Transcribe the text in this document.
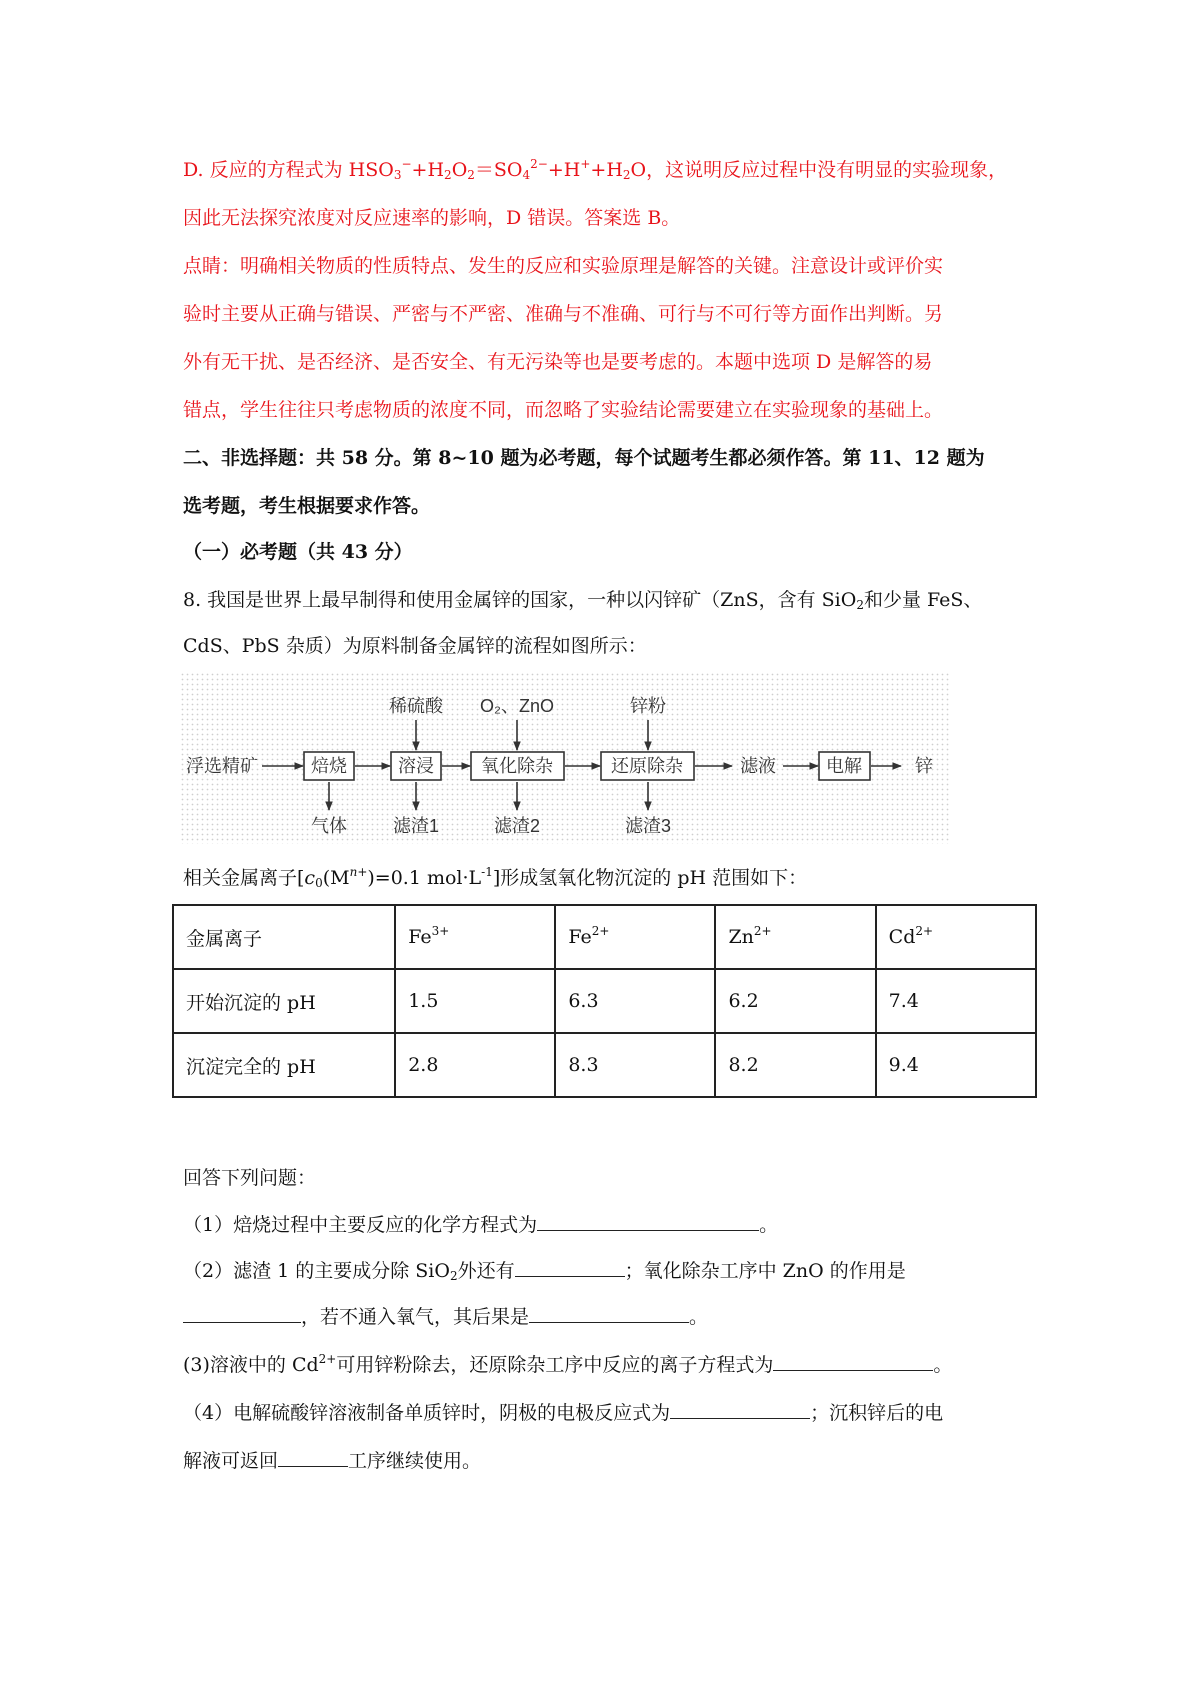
D. 反应的方程式为 $HSO_3^-+H_2O_2=SO_4^{2-}+H^++H_2O$，这说明反应过程中没有明显的实验现象，
因此无法探究浓度对反应速率的影响，D 错误。答案选 B。
点睛：明确相关物质的性质特点、发生的反应和实验原理是解答的关键。注意设计或评价实
验时主要从正确与错误、严密与不严密、准确与不准确、可行与不可行等方面作出判断。另
外有无干扰、是否经济、是否安全、有无污染等也是要考虑的。本题中选项 D 是解答的易
错点，学生往往只考虑物质的浓度不同，而忽略了实验结论需要建立在实验现象的基础上。
二、非选择题：共 58 分。第 8~10 题为必考题，每个试题考生都必须作答。第 11、12 题为
选考题，考生根据要求作答。
（一）必考题（共 43 分）
8. 我国是世界上最早制得和使用金属锌的国家，一种以闪锌矿（ZnS，含有 SiO$_2$和少量 FeS、
CdS、PbS 杂质）为原料制备金属锌的流程如图所示：
浮选精矿	焙烧	溶浸	氧化除杂	还原除杂	滤液	电解	锌
稀硫酸 O₂、ZnO	锌粉
气体	滤渣1	滤渣2	滤渣3
相关金属离子[$c_0(M^{n+})=0.1$ $mol\cdot L^{-1}$]形成氢氧化物沉淀的 pH 范围如下：
金属离子	$Fe^{3+}$	$Fe^{2+}$	$Zn^{2+}$	$Cd^{2+}$
开始沉淀的 pH	1.5	6.3	6.2	7.4
沉淀完全的 pH	2.8	8.3	8.2	9.4
回答下列问题：
（1）焙烧过程中主要反应的化学方程式为	。
（2）滤渣 1 的主要成分除 SiO$_2$外还有	；氧化除杂工序中 ZnO 的作用是
，若不通入氧气，其后果是	。
(3)溶液中的 $Cd^{2+}$可用锌粉除去，还原除杂工序中反应的离子方程式为	。
（4）电解硫酸锌溶液制备单质锌时，阴极的电极反应式为	；沉积锌后的电
解液可返回	工序继续使用。
